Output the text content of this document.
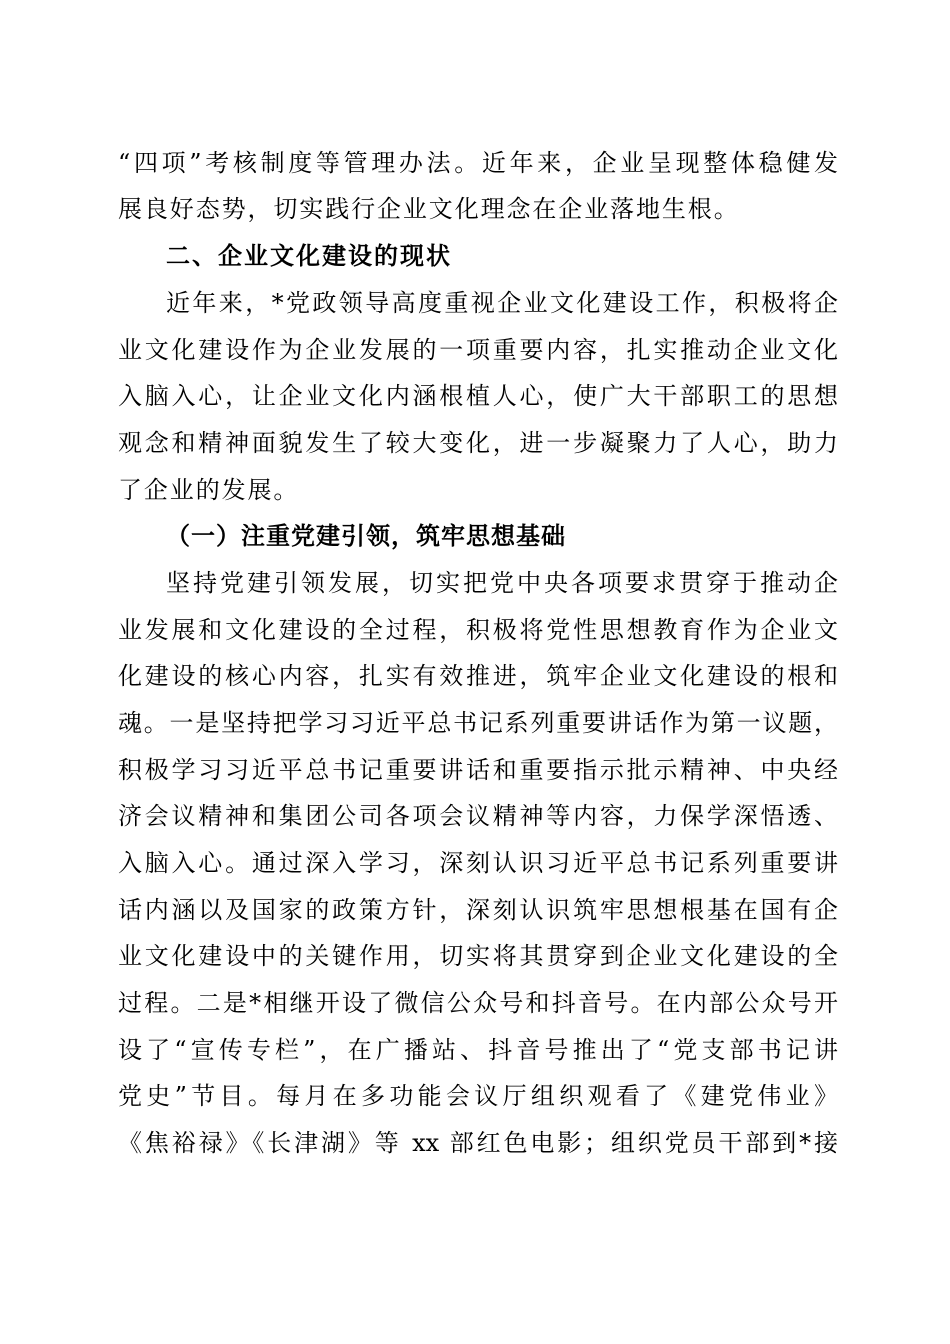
“四项”考核制度等管理办法。近年来，企业呈现整体稳健发
展良好态势，切实践行企业文化理念在企业落地生根。
二、企业文化建设的现状
近年来，*党政领导高度重视企业文化建设工作，积极将企
业文化建设作为企业发展的一项重要内容，扎实推动企业文化
入脑入心，让企业文化内涵根植人心，使广大干部职工的思想
观念和精神面貌发生了较大变化，进一步凝聚力了人心，助力
了企业的发展。
（一）注重党建引领，筑牢思想基础
坚持党建引领发展，切实把党中央各项要求贯穿于推动企
业发展和文化建设的全过程，积极将党性思想教育作为企业文
化建设的核心内容，扎实有效推进，筑牢企业文化建设的根和
魂。一是坚持把学习习近平总书记系列重要讲话作为第一议题，
积极学习习近平总书记重要讲话和重要指示批示精神、中央经
济会议精神和集团公司各项会议精神等内容，力保学深悟透、
入脑入心。通过深入学习，深刻认识习近平总书记系列重要讲
话内涵以及国家的政策方针，深刻认识筑牢思想根基在国有企
业文化建设中的关键作用，切实将其贯穿到企业文化建设的全
过程。二是*相继开设了微信公众号和抖音号。在内部公众号开
设了“宣传专栏”，在广播站、抖音号推出了“党支部书记讲
党史”节目。每月在多功能会议厅组织观看了《建党伟业》
《焦裕禄》《长津湖》等 xx 部红色电影；组织党员干部到*接
